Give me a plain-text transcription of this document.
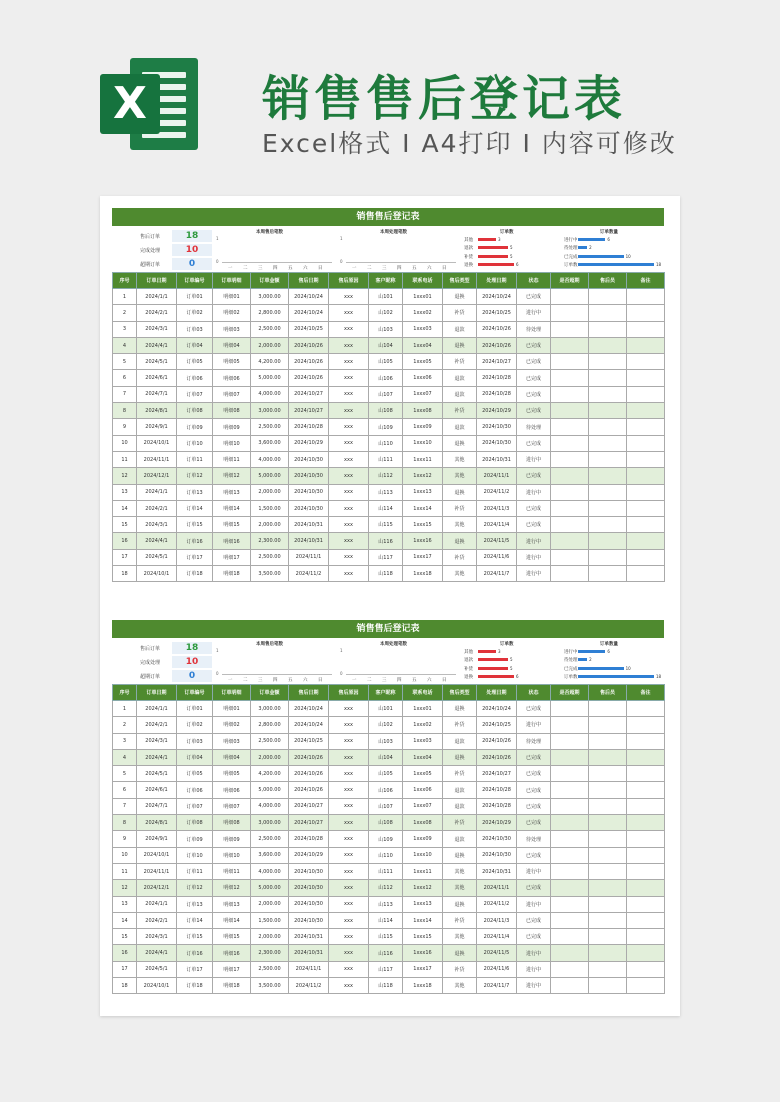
X 销售售后登记表
Excel格式 I A4打印 I 内容可修改
销售售后登记表
售后订单	18
完成处理	10
超期订单	0
本周售后笔数
1
0
一 二 三 四 五 六 日
本周处理笔数
1
0
一 二 三 四 五 六 日
订单数
其他	3
退款	5
补货	5
退换	6
订单数量
进行中	6
待处理	2
已完成	10
订单数	18
序号	订单日期	订单编号	订单明细	订单金额	售后日期	售后原因	客户昵称	联系电话	售后类型	处理日期	状态	是否超期	售后员	备注
1	2024/1/1	订单01	明细01	3,000.00	2024/10/24	xxx	山101	1xxx01	退换	2024/10/24	已完成			
2	2024/2/1	订单02	明细02	2,800.00	2024/10/24	xxx	山102	1xxx02	补货	2024/10/25	进行中			
3	2024/3/1	订单03	明细03	2,500.00	2024/10/25	xxx	山103	1xxx03	退款	2024/10/26	待处理			
4	2024/4/1	订单04	明细04	2,000.00	2024/10/26	xxx	山104	1xxx04	退换	2024/10/26	已完成			
5	2024/5/1	订单05	明细05	4,200.00	2024/10/26	xxx	山105	1xxx05	补货	2024/10/27	已完成			
6	2024/6/1	订单06	明细06	5,000.00	2024/10/26	xxx	山106	1xxx06	退款	2024/10/28	已完成			
7	2024/7/1	订单07	明细07	4,000.00	2024/10/27	xxx	山107	1xxx07	退款	2024/10/28	已完成			
8	2024/8/1	订单08	明细08	3,000.00	2024/10/27	xxx	山108	1xxx08	补货	2024/10/29	已完成			
9	2024/9/1	订单09	明细09	2,500.00	2024/10/28	xxx	山109	1xxx09	退款	2024/10/30	待处理			
10	2024/10/1	订单10	明细10	3,600.00	2024/10/29	xxx	山110	1xxx10	退换	2024/10/30	已完成			
11	2024/11/1	订单11	明细11	4,000.00	2024/10/30	xxx	山111	1xxx11	其他	2024/10/31	进行中			
12	2024/12/1	订单12	明细12	5,000.00	2024/10/30	xxx	山112	1xxx12	其他	2024/11/1	已完成			
13	2024/1/1	订单13	明细13	2,000.00	2024/10/30	xxx	山113	1xxx13	退换	2024/11/2	进行中			
14	2024/2/1	订单14	明细14	1,500.00	2024/10/30	xxx	山114	1xxx14	补货	2024/11/3	已完成			
15	2024/3/1	订单15	明细15	2,000.00	2024/10/31	xxx	山115	1xxx15	其他	2024/11/4	已完成			
16	2024/4/1	订单16	明细16	2,300.00	2024/10/31	xxx	山116	1xxx16	退换	2024/11/5	进行中			
17	2024/5/1	订单17	明细17	2,500.00	2024/11/1	xxx	山117	1xxx17	补货	2024/11/6	进行中			
18	2024/10/1	订单18	明细18	3,500.00	2024/11/2	xxx	山118	1xxx18	其他	2024/11/7	进行中			
销售售后登记表
售后订单	18
完成处理	10
超期订单	0
本周售后笔数
1
0
一 二 三 四 五 六 日
本周处理笔数
1
0
一 二 三 四 五 六 日
订单数
其他	3
退款	5
补货	5
退换	6
订单数量
进行中	6
待处理	2
已完成	10
订单数	18
序号	订单日期	订单编号	订单明细	订单金额	售后日期	售后原因	客户昵称	联系电话	售后类型	处理日期	状态	是否超期	售后员	备注
1	2024/1/1	订单01	明细01	3,000.00	2024/10/24	xxx	山101	1xxx01	退换	2024/10/24	已完成			
2	2024/2/1	订单02	明细02	2,800.00	2024/10/24	xxx	山102	1xxx02	补货	2024/10/25	进行中			
3	2024/3/1	订单03	明细03	2,500.00	2024/10/25	xxx	山103	1xxx03	退款	2024/10/26	待处理			
4	2024/4/1	订单04	明细04	2,000.00	2024/10/26	xxx	山104	1xxx04	退换	2024/10/26	已完成			
5	2024/5/1	订单05	明细05	4,200.00	2024/10/26	xxx	山105	1xxx05	补货	2024/10/27	已完成			
6	2024/6/1	订单06	明细06	5,000.00	2024/10/26	xxx	山106	1xxx06	退款	2024/10/28	已完成			
7	2024/7/1	订单07	明细07	4,000.00	2024/10/27	xxx	山107	1xxx07	退款	2024/10/28	已完成			
8	2024/8/1	订单08	明细08	3,000.00	2024/10/27	xxx	山108	1xxx08	补货	2024/10/29	已完成			
9	2024/9/1	订单09	明细09	2,500.00	2024/10/28	xxx	山109	1xxx09	退款	2024/10/30	待处理			
10	2024/10/1	订单10	明细10	3,600.00	2024/10/29	xxx	山110	1xxx10	退换	2024/10/30	已完成			
11	2024/11/1	订单11	明细11	4,000.00	2024/10/30	xxx	山111	1xxx11	其他	2024/10/31	进行中			
12	2024/12/1	订单12	明细12	5,000.00	2024/10/30	xxx	山112	1xxx12	其他	2024/11/1	已完成			
13	2024/1/1	订单13	明细13	2,000.00	2024/10/30	xxx	山113	1xxx13	退换	2024/11/2	进行中			
14	2024/2/1	订单14	明细14	1,500.00	2024/10/30	xxx	山114	1xxx14	补货	2024/11/3	已完成			
15	2024/3/1	订单15	明细15	2,000.00	2024/10/31	xxx	山115	1xxx15	其他	2024/11/4	已完成			
16	2024/4/1	订单16	明细16	2,300.00	2024/10/31	xxx	山116	1xxx16	退换	2024/11/5	进行中			
17	2024/5/1	订单17	明细17	2,500.00	2024/11/1	xxx	山117	1xxx17	补货	2024/11/6	进行中			
18	2024/10/1	订单18	明细18	3,500.00	2024/11/2	xxx	山118	1xxx18	其他	2024/11/7	进行中			
